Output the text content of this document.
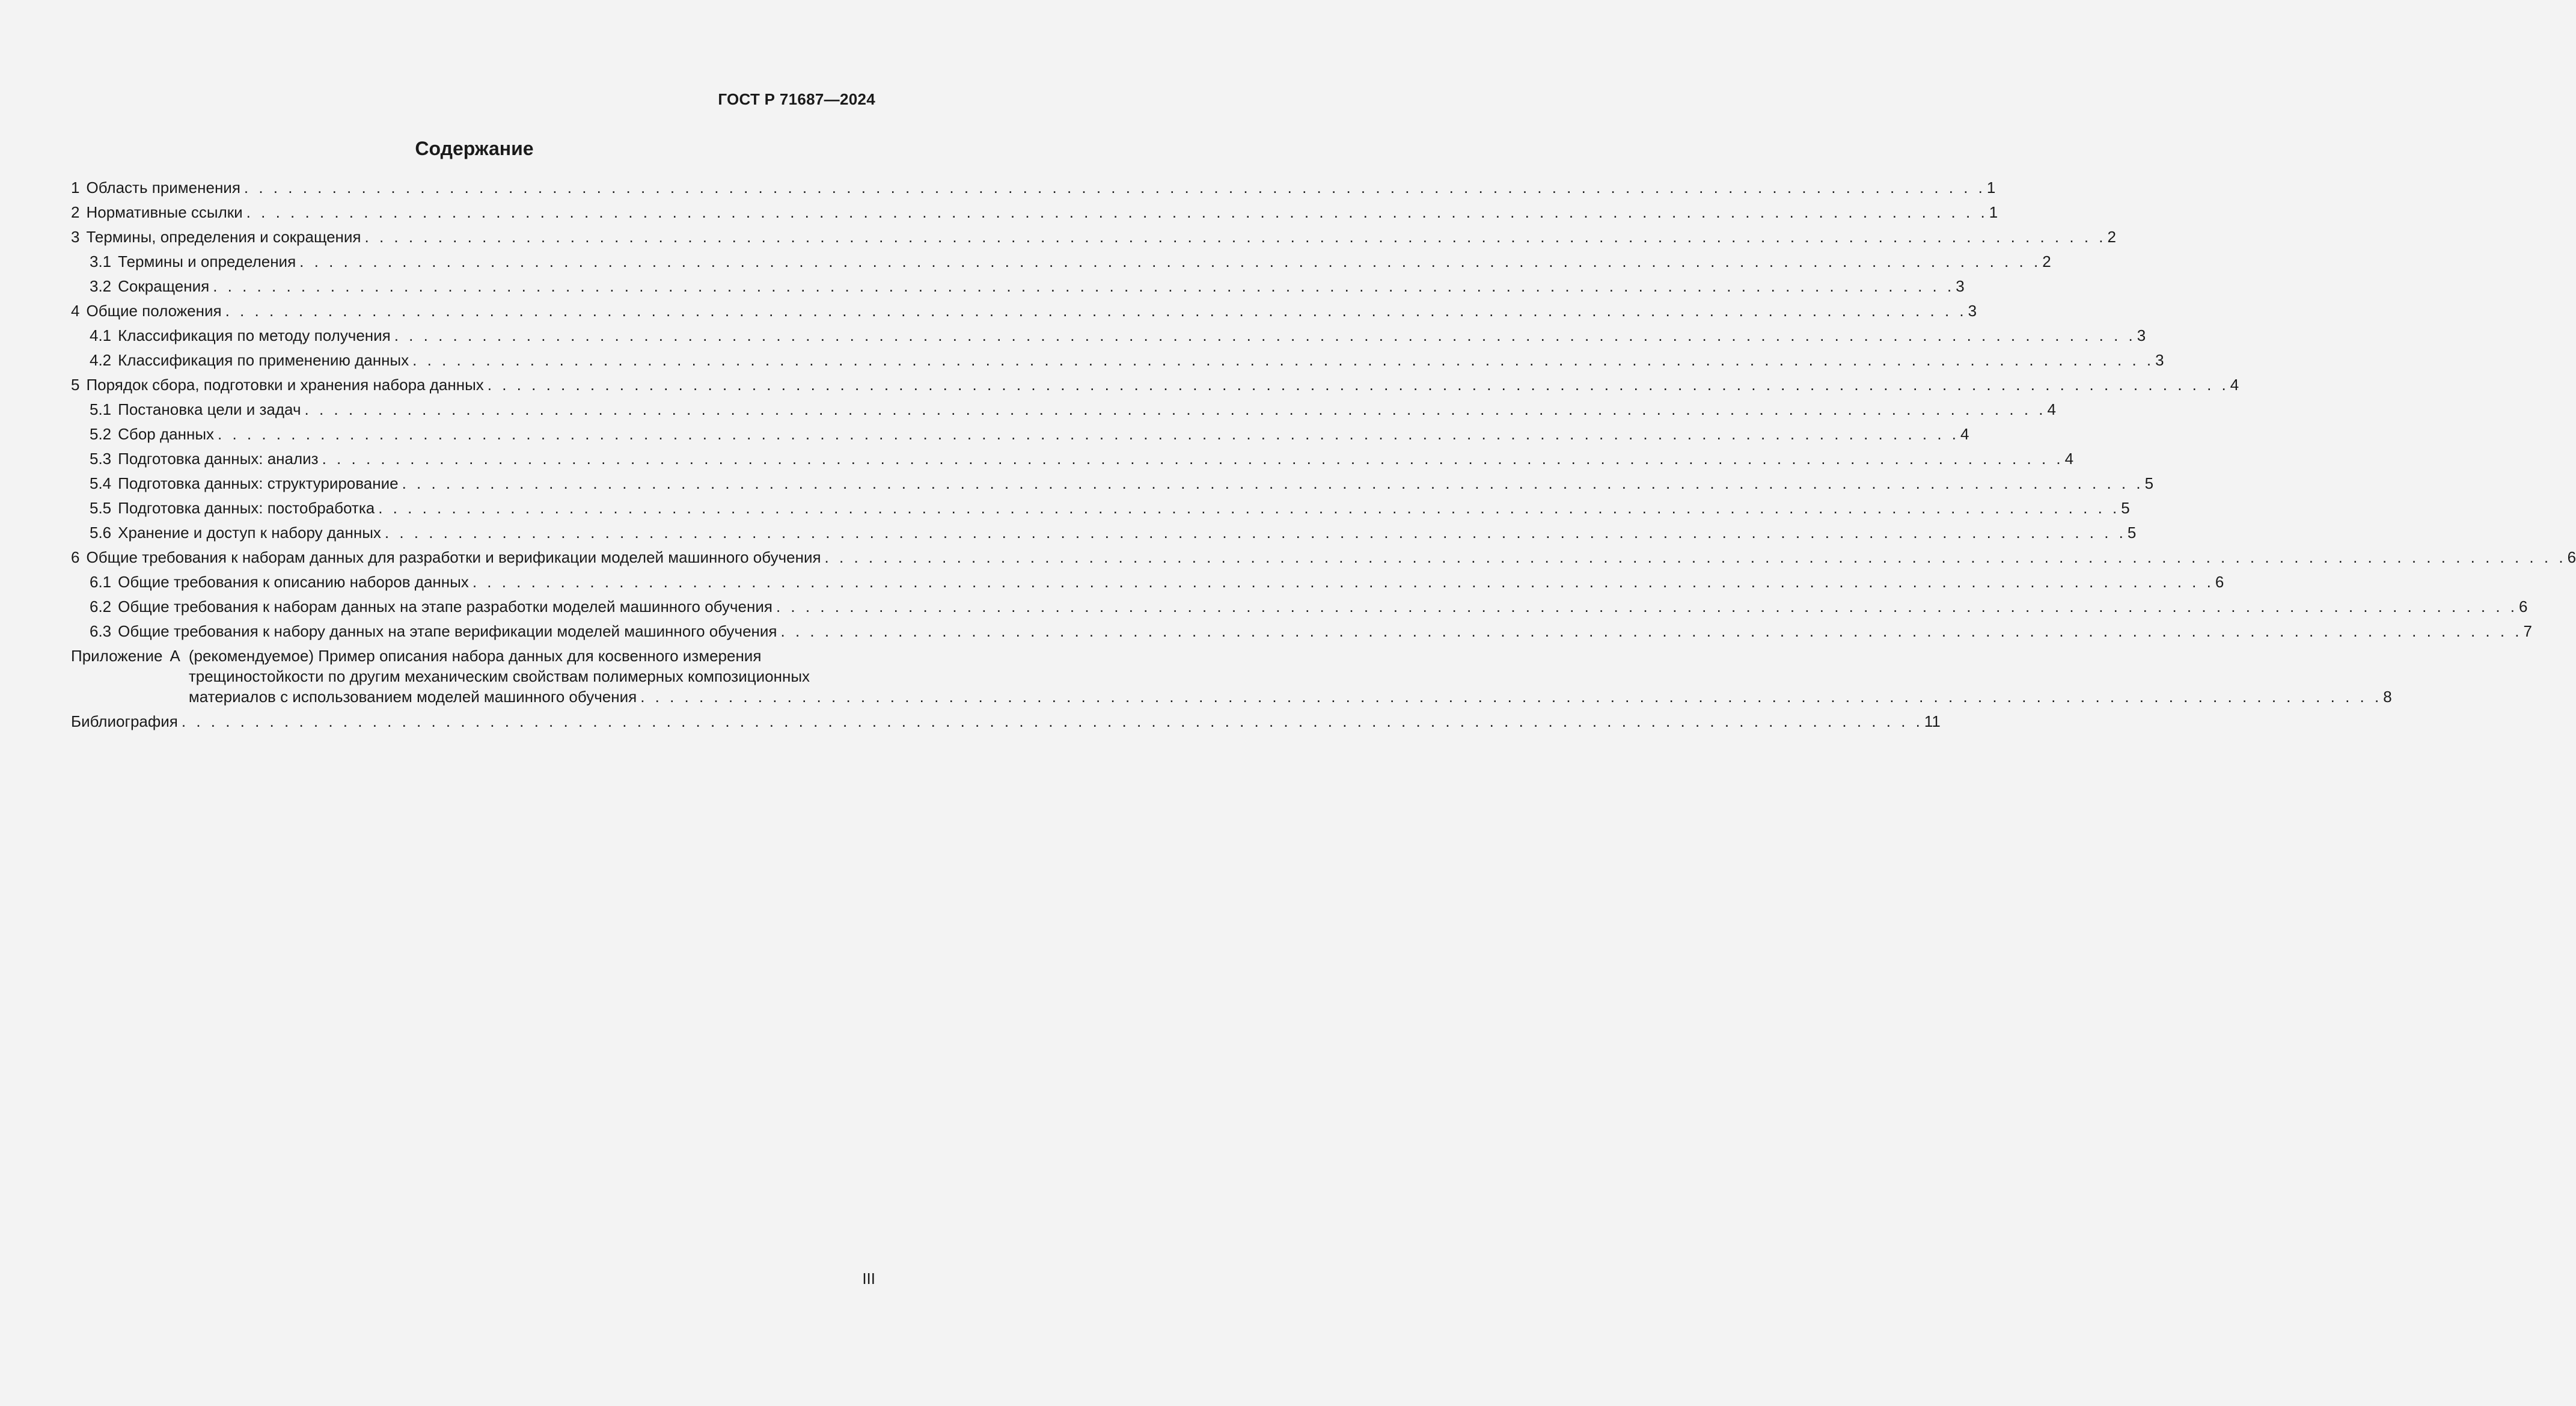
ГОСТ Р 71687—2024
Содержание
1 Область применения . . .	1
2 Нормативные ссылки . . .	1
3 Термины, определения и сокращения . . .	2
3.1 Термины и определения . . .	2
3.2 Сокращения . . .	3
4 Общие положения . . .	3
4.1 Классификация по методу получения . . .	3
4.2 Классификация по применению данных . . .	3
5 Порядок сбора, подготовки и хранения набора данных . . .	4
5.1 Постановка цели и задач . . .	4
5.2 Сбор данных . . .	4
5.3 Подготовка данных: анализ . . .	4
5.4 Подготовка данных: структурирование . . .	5
5.5 Подготовка данных: постобработка . . .	5
5.6 Хранение и доступ к набору данных . . .	5
6 Общие требования к наборам данных для разработки и верификации моделей машинного обучения . . .	6
6.1 Общие требования к описанию наборов данных . . .	6
6.2 Общие требования к наборам данных на этапе разработки моделей машинного обучения . . .	6
6.3 Общие требования к набору данных на этапе верификации моделей машинного обучения . . .	7
Приложение А (рекомендуемое) Пример описания набора данных для косвенного измерения
трещиностойкости по другим механическим свойствам полимерных композиционных
материалов с использованием моделей машинного обучения . . .	8
Библиография . . .	11
III
